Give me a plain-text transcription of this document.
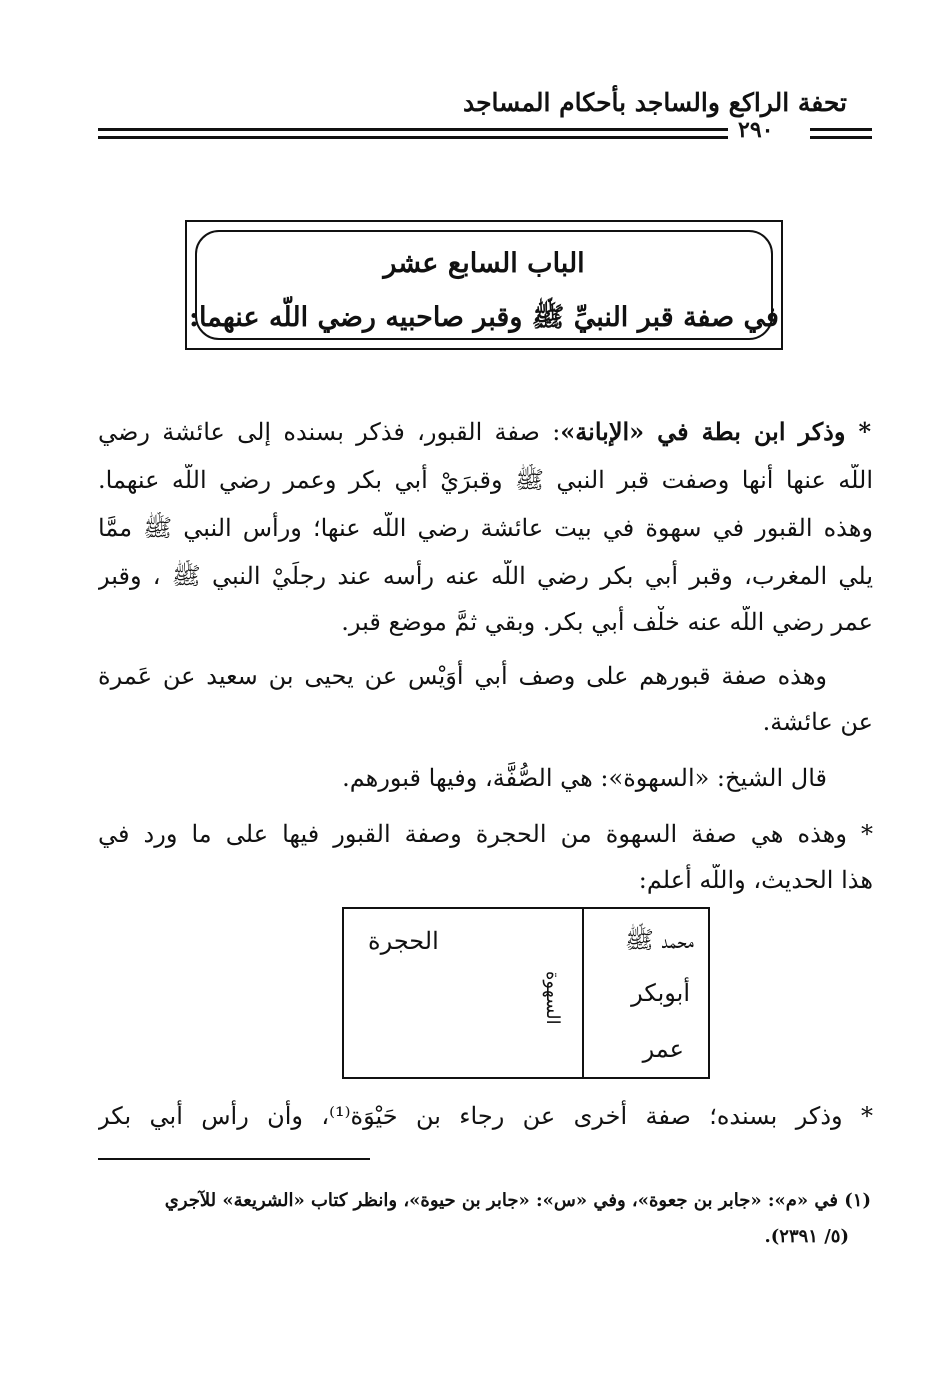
تحفة الراكع والساجد بأحكام المساجد
٢٩٠
الباب السابع عشر
في صفة قبر النبيِّ ﷺ وقبر صاحبيه رضي اللّه عنهما:
* وذكر ابن بطة في «الإبانة»: صفة القبور، فذكر بسنده إلى عائشة رضي
اللّه عنها أنها وصفت قبر النبي ﷺ وقبرَيْ أبي بكر وعمر رضي اللّه عنهما.
وهذه القبور في سهوة في بيت عائشة رضي اللّه عنها؛ ورأس النبي ﷺ ممَّا
يلي المغرب، وقبر أبي بكر رضي اللّه عنه رأسه عند رجلَيْ النبي ﷺ ، وقبر
عمر رضي اللّه عنه خلْف أبي بكر. وبقي ثمَّ موضع قبر.
وهذه صفة قبورهم على وصف أبي أوَيْس عن يحيى بن سعيد عن عَمرة
عن عائشة.
قال الشيخ: «السهوة»: هي الصُّفَّة، وفيها قبورهم.
* وهذه هي صفة السهوة من الحجرة وصفة القبور فيها على ما ورد في
هذا الحديث، واللّه أعلم:
الحجرة
السهوة
محمد ﷺ
أبوبكر
عمر
* وذكر بسنده؛ صفة أخرى عن رجاء بن حَيْوَة⁽¹⁾، وأن رأس أبي بكر
(١) في «م»: «جابر بن جعوة»، وفي «س»: «جابر بن حيوة»، وانظر كتاب «الشريعة» للآجري
(٥/ ٢٣٩١).
